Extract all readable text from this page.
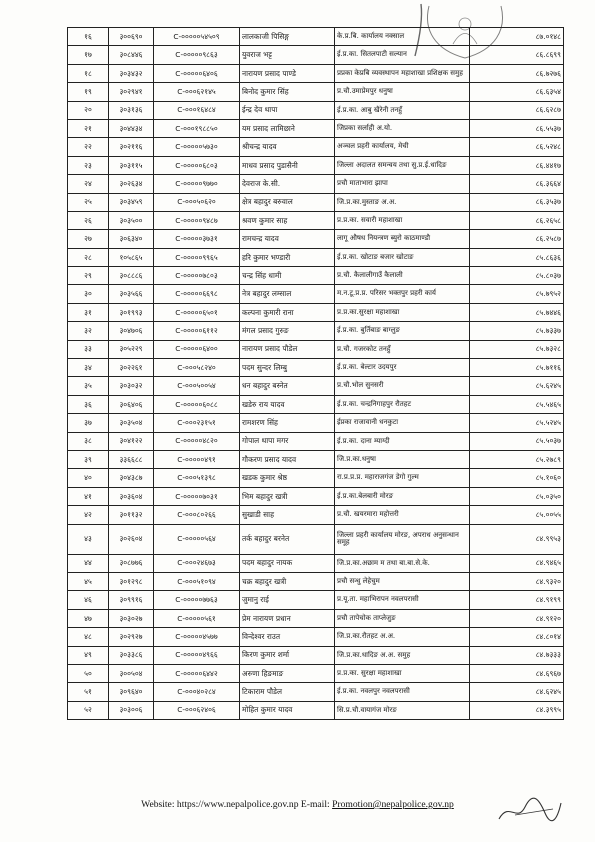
१६	३००६९०	C-०००००५४५०९	लालकाजी पिसिङ्ग	के.प्र.बि. कार्यालय नक्साल	८७.०१४८
१७	३०८४४६	C-०००००९८६३	युवराज भट्ट	ई.प्र.का. सितलपाटी सल्यान	८६.८६९९
१८	३०३४३२	C-०००००६४०६	नारायण प्रसाद पाण्डे	प्रप्रका केप्रबि व्यवस्थापन महाशाखा प्रशिक्षक समुह	८६.७२७६
१९	३०२९४१	C-०००६२१४५	बिनोद कुमार सिंह	प्र.चौ.उमाप्रेमपुर धनुषा	८६.६३५४
२०	३०३१३६	C-०००१६४८४	ईन्द्र देव थापा	ई.प्र.का. आबु खैरेनी तनहुँ	८६.६२८७
२१	३०४४३४	C-०००१९८८५०	यम प्रसाद लामिछाने	जिप्रका सर्लाही अ.यो.	८६.५५३७
२२	३०२११६	C-०००००५७३०	श्रीचन्द्र यादव	अञ्चल प्रहरी कार्यालय, मेची	८६.५२४८
२३	३०३११५	C-०००००६८०३	माधव प्रसाद पुडासैनी	जिल्ला अदालत समन्वय तथा सु.प्र.ई.धादिङ	८६.४४१७
२४	३०२६३४	C-०००००९७७०	देवराज के.सी.	प्रचौ माताभारा झापा	८६.३६६४
२५	३०३४५९	C-०००५०६२०	क्षेत्र बहादुर बरुवाल	जि.प्र.का.मुस्ताङ अ.अ.	८६.३५३७
२६	३०३५००	C-०००००९४८७	श्रवण कुमार साह	प्र.प्र.का. सवारी महाशाखा	८६.२६५८
२७	३०६३४०	C-०००००३७३१	रामचन्द्र यादव	लागू औषध नियन्त्रण ब्युरो काठमाण्डौ	८६.२५८७
२८	१०५८६५	C-०००००९९६५	हरि कुमार भण्डारी	ई.प्र.का. खोटाङ बजार खोटाङ	८५.८६३६
२९	३०८८८६	C-०००००७८०३	चन्द्र सिंह धामी	प्र.चौ. कैलालीगाउँ कैलाली	८५.८०३७
३०	३०३५६६	C-०००००६६९८	नेत्र बहादुर लम्साल	म.न.टू.प्र.प्र. परिसर भक्तपुर प्रहरी कार्य	८५.७९५२
३१	३०१९९३	C-०००००६५०१	कल्पना कुमारी राना	प्र.प्र.का.सुरक्षा महाशाखा	८५.७४४६
३२	३०४७०६	C-०००००६११२	मंगल प्रसाद गुरुङ	ई.प्र.का. बुर्तिबाङ बाग्लुङ	८५.७३३७
३३	३०५२२९	C-०००००६४००	नारायण प्रसाद पौडेल	प्र.चौ. गजरकोट तनहुँ	८५.७३२८
३४	३०२२६१	C-०००५८२४०	पदम सुन्दर लिम्बु	ई.प्र.का. बेल्टार उदयपुर	८५.७११६
३५	३०३०३२	C-०००५००५४	धन बहादुर बस्नेत	प्र.चौ.भोल सुनसरी	८५.६२४५
३६	३०६४०६	C-०००००६०८८	खडेरु राय यादव	ई.प्र.का. चन्द्रनिगाहपुर रौतहट	८५.५४६५
३७	३०३५०४	C-०००२३१५१	रामशरण सिंह	ईप्रका राजावानी धनकुटा	८५.५२४५
३८	३०४१२२	C-०००००४८२०	गोपाल थापा मगर	ई.प्र.का. दाना म्याग्दी	८५.५०३७
३९	३३६६८८	C-०००००४९१	गौकरण प्रसाद यादव	जि.प्र.का.धनुषा	८५.२७८९
४०	३०४३८७	C-०००५१३९८	खडक कुमार श्रेष्ठ	रा.प्र.प्र.प्र. महाराजगंज डेगो गुल्म	८५.१०६०
४१	३०३६०४	C-०००००७०३१	भिम बहादुर खत्री	ई.प्र.का.बेलबारी मोरङ	८५.०३५०
४२	३०११३२	C-०००८०२६६	सुखाडी साह	प्र.चौ. खयरमारा महोत्तरी	८५.००५५
४३	३०२६०४	C-०००००५६४	तर्क बहादुर बरनेत	जिल्ला प्रहरी कार्यालय मोरङ, अपराध अनुसन्धान समूह	८४.९९५३
४४	३०८७७६	C-०००२४६७३	पदम बहादुर नायक	जि.प्र.का.अछाम म तथा बा.बा.से.के.	८४.९४६५
४५	३०१२९८	C-०००५१०९४	चक्र बहादुर खत्री	प्रचौ सन्धु लेहेचुम	८४.९३२०
४६	३०९९१६	C-०००००७७६३	जुमानु राई	प्र.यू.ता. महाभिरापन नवलपरासी	८४.९१९९
४७	३०३०२७	C-०००००५६१	प्रेम नारायण प्रधान	प्रचौ तापेचोक ताप्लेजुङ	८४.९१२०
४८	३०२९२७	C-०००००४५७७	विन्देश्वर राउत	जि.प्र.का.रौतहट अ.अ.	८४.८०१४
४९	३०३३८६	C-०००००४९६६	किरण कुमार शर्मा	जि.प्र.का.धादिङ अ.अ. समुह	८४.७३३३
५०	३००५०४	C-०००००६४४२	अरुणा हिङमाङ	प्र.प्र.का. सुरक्षा महाशाखा	८४.६९६७
५१	३०९६४०	C-०००४०२८४	टिकाराम पौडेल	ई.प्र.का. नवलपुर नवलपरासी	८४.६२४५
५२	३०३००६	C-०००६२४०६	मोहित कुमार यादव	सि.प्र.चौ.वायागंज मोरङ	८४.३९९५
Website: https://www.nepalpolice.gov.np E-mail: Promotion@nepalpolice.gov.np
